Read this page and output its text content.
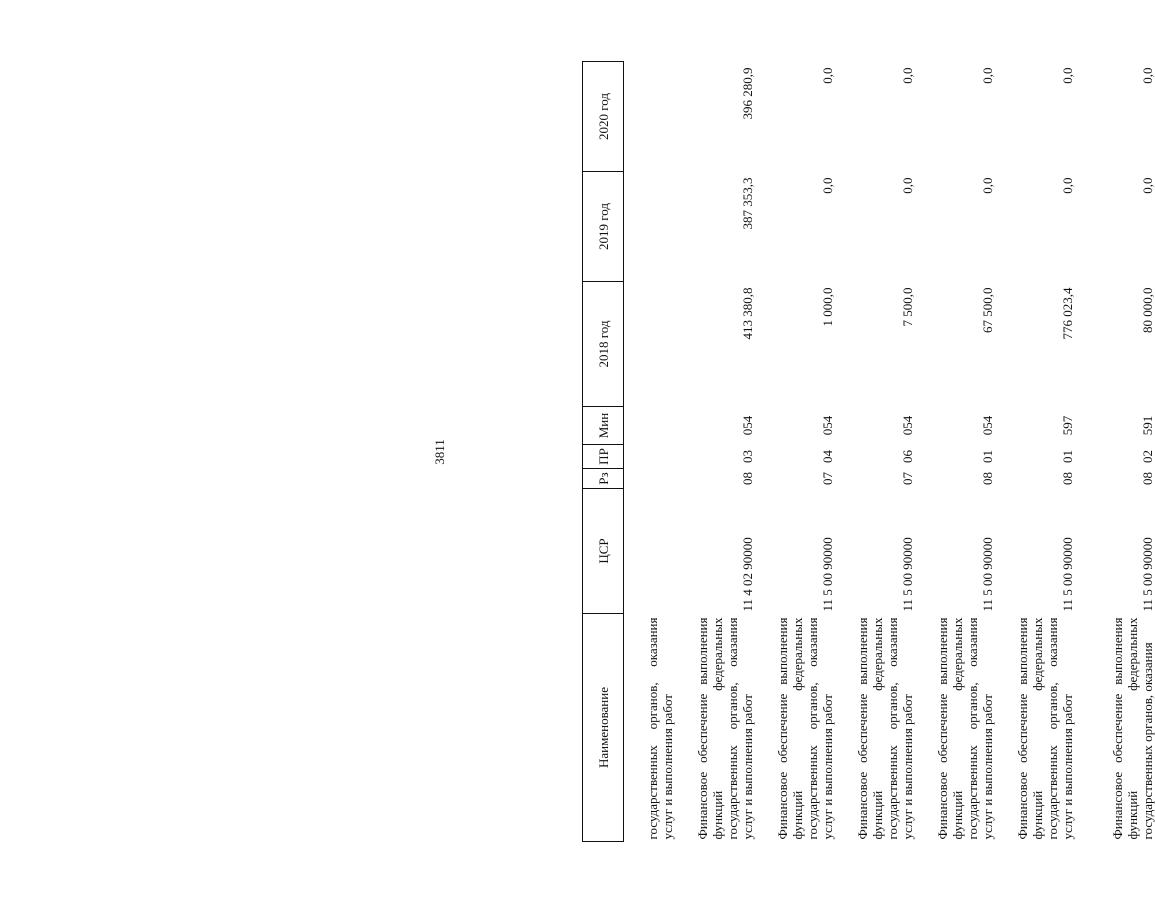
3811
Наименование	ЦСР	Рз	ПР	Мин	2018 год	2019 год	2020 год

государственных органов, оказания услуг и выполнения работ							
Финансовое обеспечение выполнения функций федеральных государственных органов, оказания услуг и выполнения работ	11 4 02 90000	08	03	054	413 380,8	387 353,3	396 280,9
Финансовое обеспечение выполнения функций федеральных государственных органов, оказания услуг и выполнения работ	11 5 00 90000	07	04	054	1 000,0	0,0	0,0
Финансовое обеспечение выполнения функций федеральных государственных органов, оказания услуг и выполнения работ	11 5 00 90000	07	06	054	7 500,0	0,0	0,0
Финансовое обеспечение выполнения функций федеральных государственных органов, оказания услуг и выполнения работ	11 5 00 90000	08	01	054	67 500,0	0,0	0,0
Финансовое обеспечение выполнения функций федеральных государственных органов, оказания услуг и выполнения работ	11 5 00 90000	08	01	597	776 023,4	0,0	0,0
Финансовое обеспечение выполнения функций федеральных государственных органов, оказания	11 5 00 90000	08	02	591	80 000,0	0,0	0,0
